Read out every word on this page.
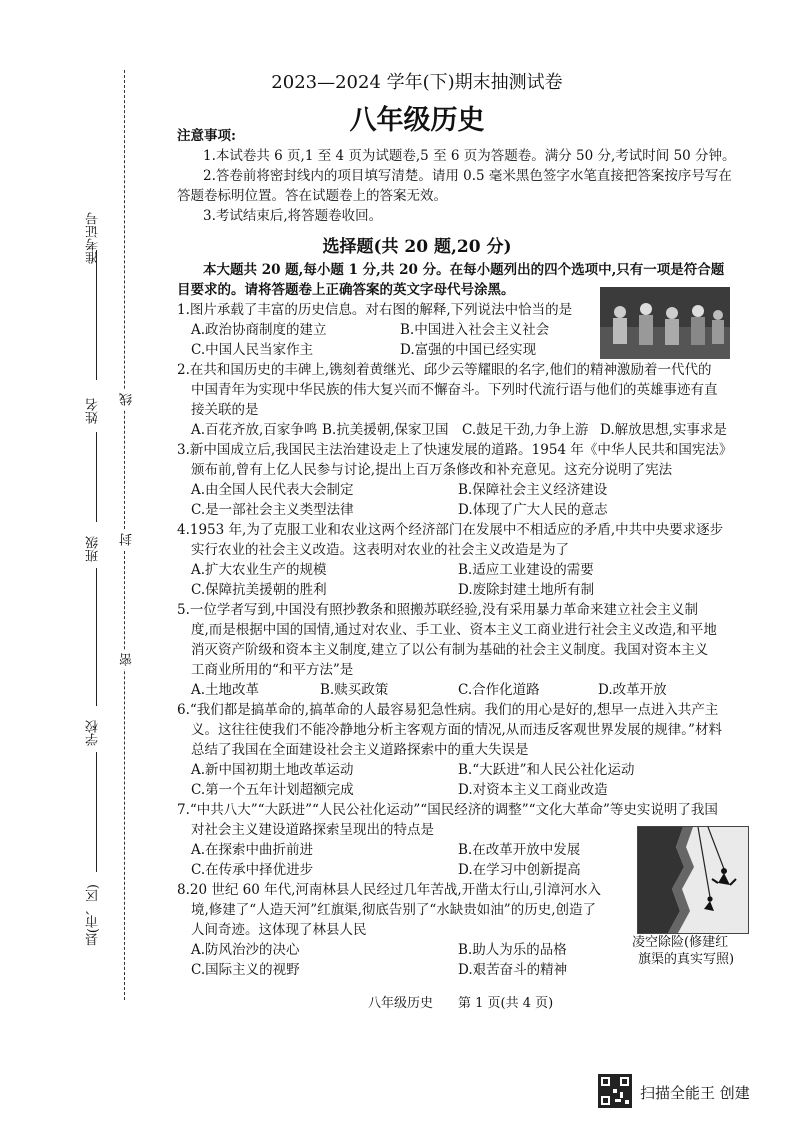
准考证号
姓名
班级
学校
县(市、区)
线
封
密
2023—2024 学年(下)期末抽测试卷
八年级历史
注意事项:
1.本试卷共 6 页,1 至 4 页为试题卷,5 至 6 页为答题卷。满分 50 分,考试时间 50 分钟。
2.答卷前将密封线内的项目填写清楚。请用 0.5 毫米黑色签字水笔直接把答案按序号写在
答题卷标明位置。答在试题卷上的答案无效。
3.考试结束后,将答题卷收回。
选择题(共 20 题,20 分)
本大题共 20 题,每小题 1 分,共 20 分。在每小题列出的四个选项中,只有一项是符合题
目要求的。请将答题卷上正确答案的英文字母代号涂黑。
1.图片承载了丰富的历史信息。对右图的解释,下列说法中恰当的是
A.政治协商制度的建立	B.中国进入社会主义社会
C.中国人民当家作主	D.富强的中国已经实现
2.在共和国历史的丰碑上,镌刻着黄继光、邱少云等耀眼的名字,他们的精神激励着一代代的
中国青年为实现中华民族的伟大复兴而不懈奋斗。下列时代流行语与他们的英雄事迹有直
接关联的是
A.百花齐放,百家争鸣 B.抗美援朝,保家卫国 C.鼓足干劲,力争上游 D.解放思想,实事求是
3.新中国成立后,我国民主法治建设走上了快速发展的道路。1954 年《中华人民共和国宪法》
颁布前,曾有上亿人民参与讨论,提出上百万条修改和补充意见。这充分说明了宪法
A.由全国人民代表大会制定	B.保障社会主义经济建设
C.是一部社会主义类型法律	D.体现了广大人民的意志
4.1953 年,为了克服工业和农业这两个经济部门在发展中不相适应的矛盾,中共中央要求逐步
实行农业的社会主义改造。这表明对农业的社会主义改造是为了
A.扩大农业生产的规模	B.适应工业建设的需要
C.保障抗美援朝的胜利	D.废除封建土地所有制
5.一位学者写到,中国没有照抄教条和照搬苏联经验,没有采用暴力革命来建立社会主义制
度,而是根据中国的国情,通过对农业、手工业、资本主义工商业进行社会主义改造,和平地
消灭资产阶级和资本主义制度,建立了以公有制为基础的社会主义制度。我国对资本主义
工商业所用的“和平方法”是
A.土地改革	B.赎买政策	C.合作化道路	D.改革开放
6.“我们都是搞革命的,搞革命的人最容易犯急性病。我们的用心是好的,想早一点进入共产主
义。这往往使我们不能冷静地分析主客观方面的情况,从而违反客观世界发展的规律。”材料
总结了我国在全面建设社会主义道路探索中的重大失误是
A.新中国初期土地改革运动	B.“大跃进”和人民公社化运动
C.第一个五年计划超额完成	D.对资本主义工商业改造
7.“中共八大”“大跃进”“人民公社化运动”“国民经济的调整”“文化大革命”等史实说明了我国
对社会主义建设道路探索呈现出的特点是
A.在探索中曲折前进	B.在改革开放中发展
C.在传承中择优进步	D.在学习中创新提高
凌空除险(修建红
旗渠的真实写照)
8.20 世纪 60 年代,河南林县人民经过几年苦战,开凿太行山,引漳河水入
境,修建了“人造天河”红旗渠,彻底告别了“水缺贵如油”的历史,创造了
人间奇迹。这体现了林县人民
A.防风治沙的决心	B.助人为乐的品格
C.国际主义的视野	D.艰苦奋斗的精神
八年级历史 第 1 页(共 4 页)
扫描全能王 创建
